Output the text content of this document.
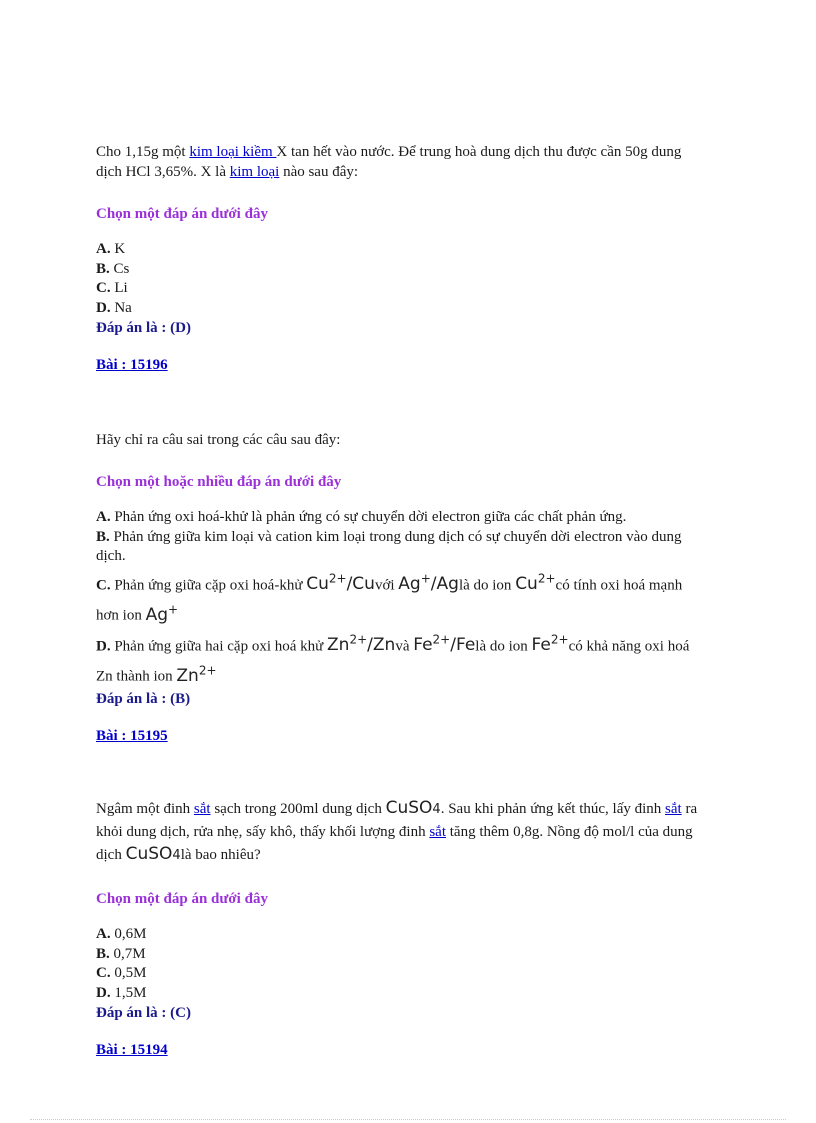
Cho 1,15g một kim loại kiềm X tan hết vào nước. Để trung hoà dung dịch thu được cần 50g dung dịch HCl 3,65%. X là kim loại nào sau đây:

Chọn một đáp án dưới đây

A. K

B. Cs

C. Li

D. Na

Đáp án là : (D)

Bài : 15196

Hãy chỉ ra câu sai trong các câu sau đây:

Chọn một hoặc nhiều đáp án dưới đây

A. Phản ứng oxi hoá-khử là phản ứng có sự chuyển dời electron giữa các chất phản ứng.

B. Phản ứng giữa kim loại và cation kim loại trong dung dịch có sự chuyển dời electron vào dung dịch.

C. Phản ứng giữa cặp oxi hoá-khử $Cu^{2+}$/Cuvới Ag+/Aglà do ion $Cu^{2+}có$ tính oxi hoá mạnh hơn ion Ag+

D. Phản ứng giữa hai cặp oxi hoá khử $Zn^{2+}$/Znvà $Fe^{2+}$/Felà do ion $Fe^{2+}có$ khả năng oxi hoá Zn thành ion $Zn^{2+}$

Đáp án là : (B)

Bài : 15195

Ngâm một đinh sắt sạch trong 200ml dung dịch CuSO4. Sau khi phản ứng kết thúc, lấy đinh sắt ra khỏi dung dịch, rửa nhẹ, sấy khô, thấy khối lượng đinh sắt tăng thêm 0,8g. Nồng độ mol/l của dung dịch CuSO4là bao nhiêu?

Chọn một đáp án dưới đây

A. 0,6M

B. 0,7M

C. 0,5M

D. 1,5M

Đáp án là : (C)

Bài : 15194
